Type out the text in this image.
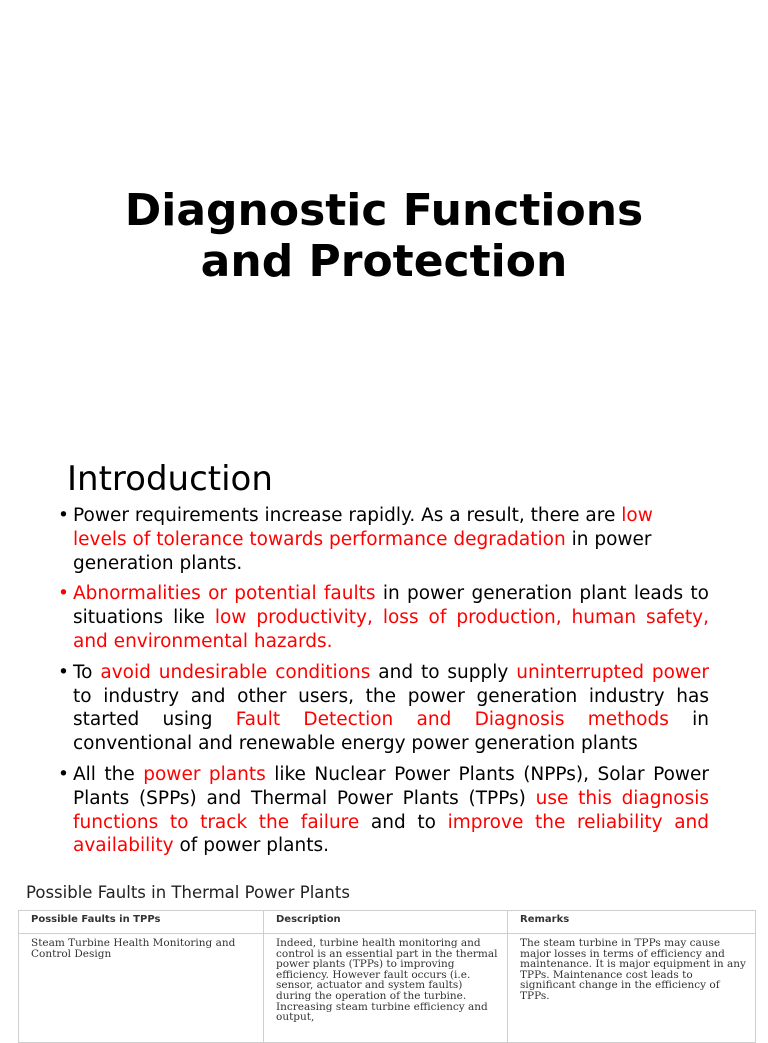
Diagnostic Functions
and Protection
Introduction
• Power requirements increase rapidly. As a result, there are low levels of tolerance towards performance degradation in power generation plants.
• Abnormalities or potential faults in power generation plant leads to situations like low productivity, loss of production, human safety, and environmental hazards.
• To avoid undesirable conditions and to supply uninterrupted power to industry and other users, the power generation industry has started using Fault Detection and Diagnosis methods in conventional and renewable energy power generation plants
• All the power plants like Nuclear Power Plants (NPPs), Solar Power Plants (SPPs) and Thermal Power Plants (TPPs) use this diagnosis functions to track the failure and to improve the reliability and availability of power plants.
Possible Faults in Thermal Power Plants
Possible Faults in TPPs	Description	Remarks
Steam Turbine Health Monitoring and Control Design	Indeed, turbine health monitoring and control is an essential part in the thermal power plants (TPPs) to improving efficiency. However fault occurs (i.e. sensor, actuator and system faults) during the operation of the turbine. Increasing steam turbine efficiency and output,	The steam turbine in TPPs may cause major losses in terms of efficiency and maintenance. It is major equipment in any TPPs. Maintenance cost leads to significant change in the efficiency of TPPs.
